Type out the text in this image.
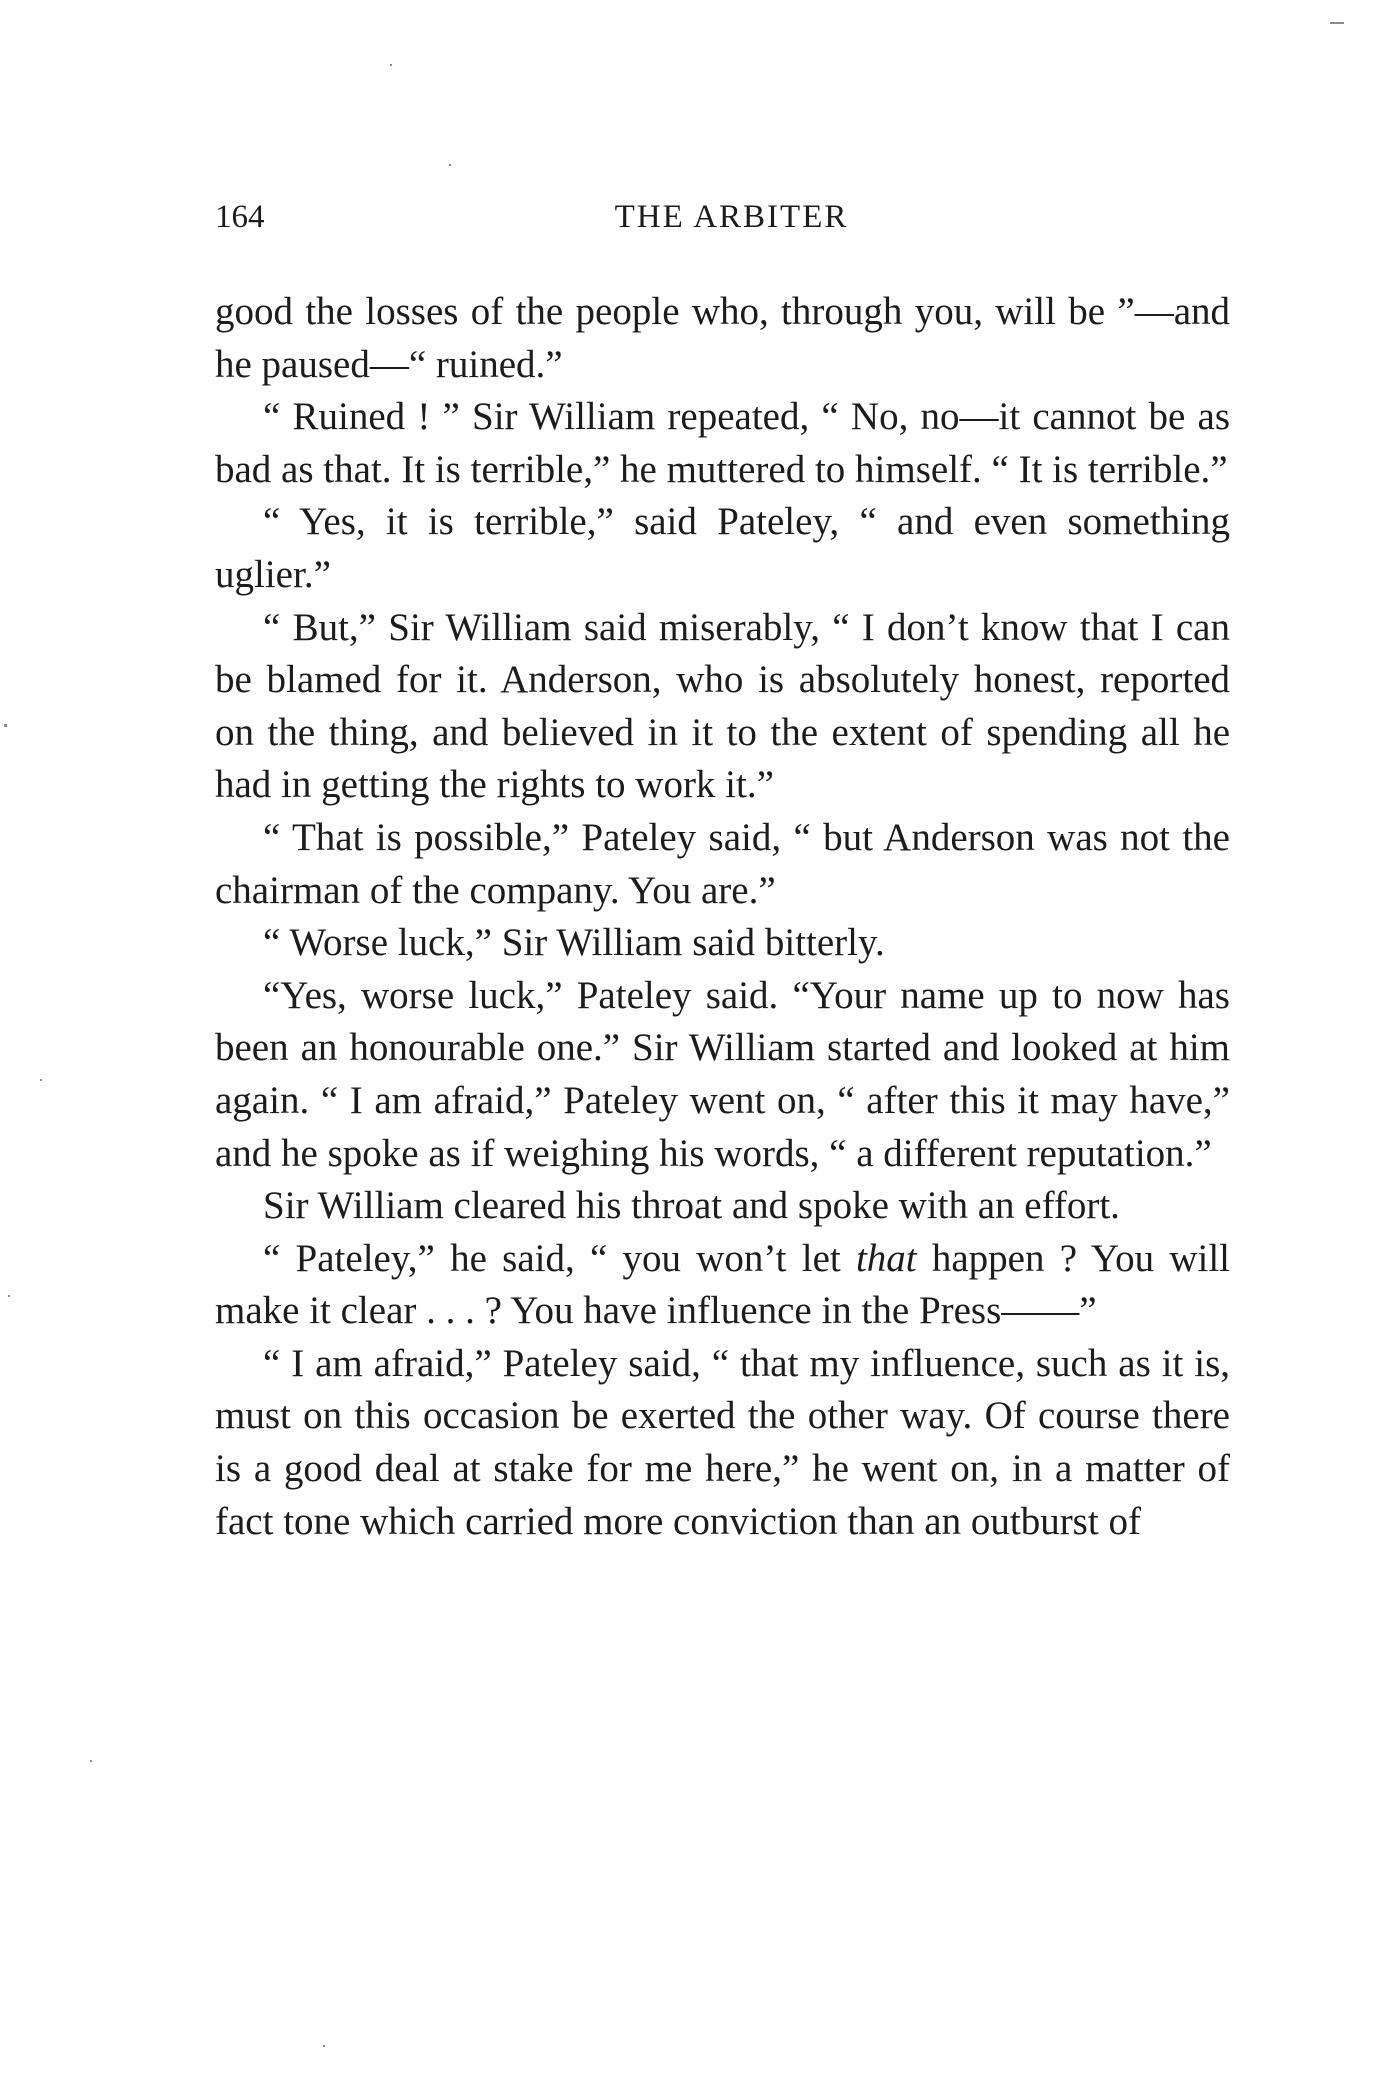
164	THE ARBITER

good the losses of the people who, through you, will be ”—and he paused—“ ruined.”

“ Ruined ! ” Sir William repeated, “ No, no—it cannot be as bad as that. It is terrible,” he muttered to himself. “ It is terrible.”

“ Yes, it is terrible,” said Pateley, “ and even something uglier.”

“ But,” Sir William said miserably, “ I don’t know that I can be blamed for it. Anderson, who is absolutely honest, reported on the thing, and believed in it to the extent of spending all he had in getting the rights to work it.”

“ That is possible,” Pateley said, “ but Anderson was not the chairman of the company. You are.”

“ Worse luck,” Sir William said bitterly.

“Yes, worse luck,” Pateley said. “Your name up to now has been an honourable one.” Sir William started and looked at him again. “ I am afraid,” Pateley went on, “ after this it may have,” and he spoke as if weighing his words, “ a different reputation.”

Sir William cleared his throat and spoke with an effort.

“ Pateley,” he said, “ you won’t let that happen ? You will make it clear . . . ? You have influence in the Press——”

“ I am afraid,” Pateley said, “ that my influence, such as it is, must on this occasion be exerted the other way. Of course there is a good deal at stake for me here,” he went on, in a matter of fact tone which carried more conviction than an outburst of
